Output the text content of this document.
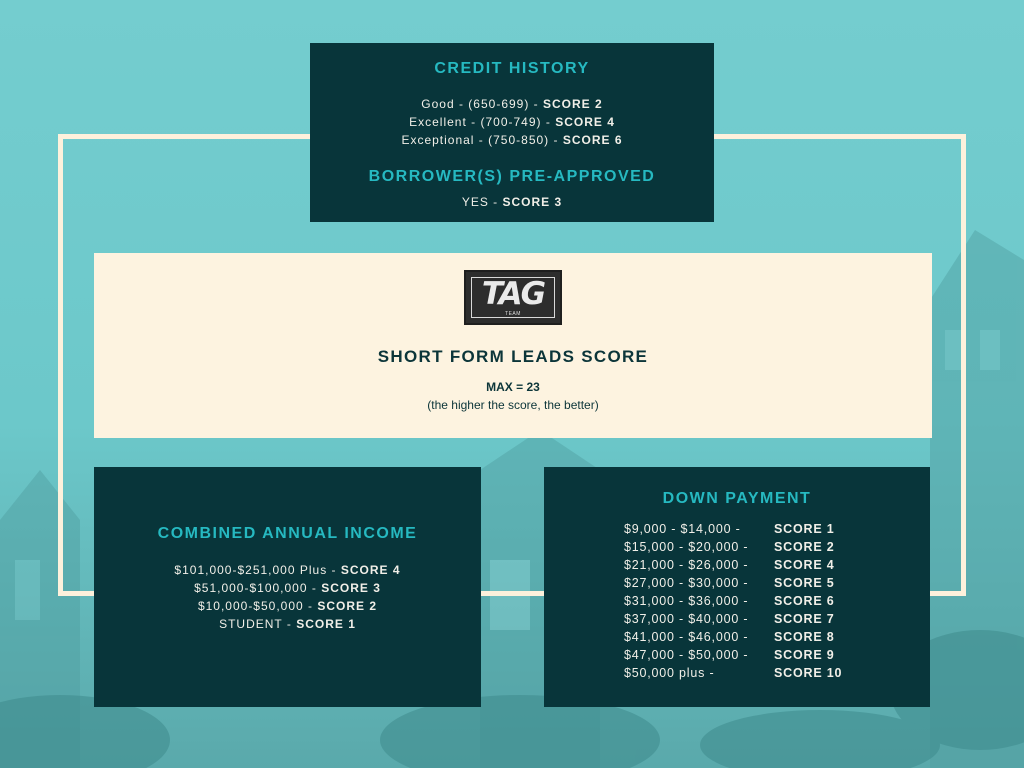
CREDIT HISTORY
Good - (650-699) - SCORE 2
Excellent - (700-749) - SCORE 4
Exceptional - (750-850) - SCORE 6
BORROWER(S) PRE-APPROVED
YES - SCORE 3
SHORT FORM LEADS SCORE
MAX = 23
(the higher the score, the better)
TAG
TEAM
COMBINED ANNUAL INCOME
$101,000-$251,000 Plus - SCORE 4
$51,000-$100,000 - SCORE 3
$10,000-$50,000 - SCORE 2
STUDENT - SCORE 1
DOWN PAYMENT
$9,000 - $14,000 -	SCORE 1
$15,000 - $20,000 - SCORE 2
$21,000 - $26,000 - SCORE 4
$27,000 - $30,000 - SCORE 5
$31,000 - $36,000 - SCORE 6
$37,000 - $40,000 - SCORE 7
$41,000 - $46,000 - SCORE 8
$47,000 - $50,000 - SCORE 9
$50,000 plus -	SCORE 10
